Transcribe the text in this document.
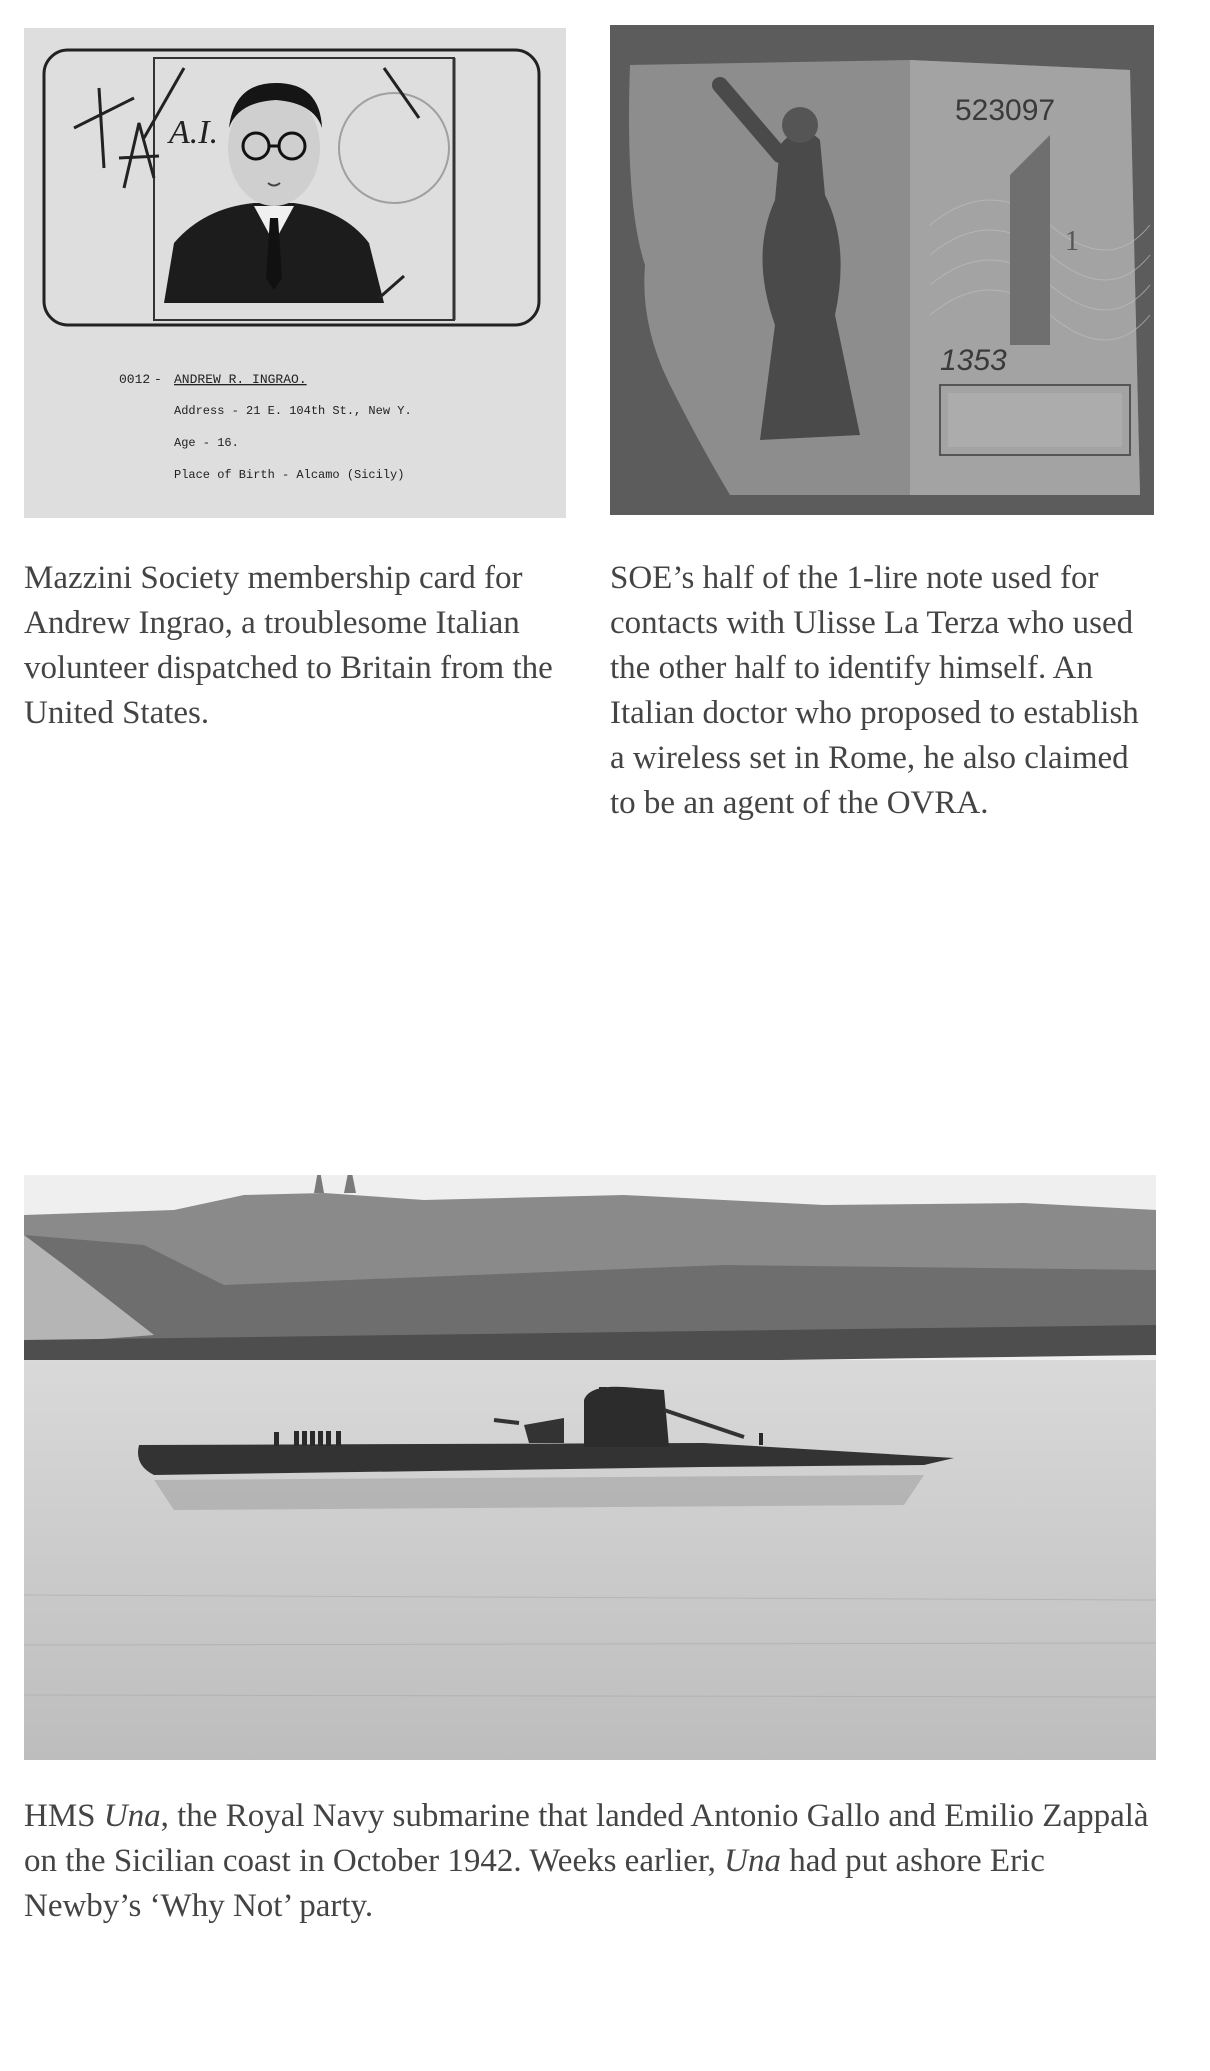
A.I.
0012 - ANDREW R. INGRAO.
Address - 21 E. 104th St., New Y.
Age - 16.
Place of Birth - Alcamo (Sicily)
523097
1353
1

Mazzini Society membership card for Andrew Ingrao, a troublesome Italian volunteer dispatched to Britain from the United States.

SOE’s half of the 1-lire note used for contacts with Ulisse La Terza who used the other half to identify himself. An Italian doctor who proposed to establish a wireless set in Rome, he also claimed to be an agent of the OVRA.

HMS Una, the Royal Navy submarine that landed Antonio Gallo and Emilio Zappalà on the Sicilian coast in October 1942. Weeks earlier, Una had put ashore Eric Newby’s ‘Why Not’ party.
